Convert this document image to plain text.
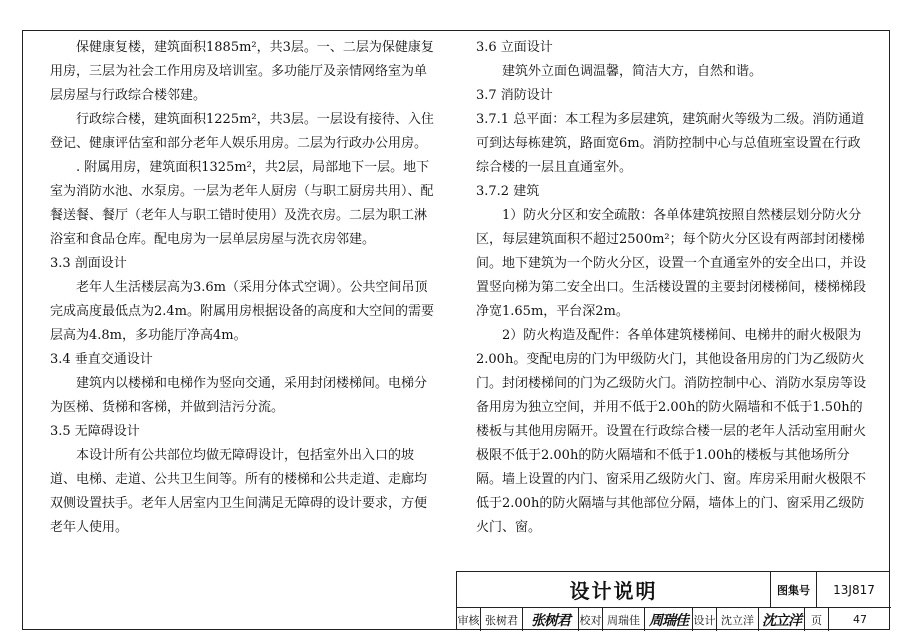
保健康复楼，建筑面积1885m²，共3层。一、二层为保健康复用房，三层为社会工作用房及培训室。多功能厅及亲情网络室为单层房屋与行政综合楼邻建。

行政综合楼，建筑面积1225m²，共3层。一层设有接待、入住登记、健康评估室和部分老年人娱乐用房。二层为行政办公用房。

. 附属用房，建筑面积1325m²，共2层，局部地下一层。地下室为消防水池、水泵房。一层为老年人厨房（与职工厨房共用）、配餐送餐、餐厅（老年人与职工错时使用）及洗衣房。二层为职工淋浴室和食品仓库。配电房为一层单层房屋与洗衣房邻建。

3.3 剖面设计

老年人生活楼层高为3.6m（采用分体式空调）。公共空间吊顶完成高度最低点为2.4m。附属用房根据设备的高度和大空间的需要层高为4.8m，多功能厅净高4m。

3.4 垂直交通设计

建筑内以楼梯和电梯作为竖向交通，采用封闭楼梯间。电梯分为医梯、货梯和客梯，并做到洁污分流。

3.5 无障碍设计

本设计所有公共部位均做无障碍设计，包括室外出入口的坡道、电梯、走道、公共卫生间等。所有的楼梯和公共走道、走廊均双侧设置扶手。老年人居室内卫生间满足无障碍的设计要求，方便老年人使用。

3.6 立面设计

建筑外立面色调温馨，简洁大方，自然和谐。

3.7 消防设计

3.7.1 总平面：本工程为多层建筑，建筑耐火等级为二级。消防通道可到达每栋建筑，路面宽6m。消防控制中心与总值班室设置在行政综合楼的一层且直通室外。

3.7.2 建筑

1）防火分区和安全疏散：各单体建筑按照自然楼层划分防火分区，每层建筑面积不超过2500m²；每个防火分区设有两部封闭楼梯间。地下建筑为一个防火分区，设置一个直通室外的安全出口，并设置竖向梯为第二安全出口。生活楼设置的主要封闭楼梯间，楼梯梯段净宽1.65m，平台深2m。

2）防火构造及配件：各单体建筑楼梯间、电梯井的耐火极限为2.00h。变配电房的门为甲级防火门，其他设备用房的门为乙级防火门。封闭楼梯间的门为乙级防火门。消防控制中心、消防水泵房等设备用房为独立空间，并用不低于2.00h的防火隔墙和不低于1.50h的楼板与其他用房隔开。设置在行政综合楼一层的老年人活动室用耐火极限不低于2.00h的防火隔墙和不低于1.00h的楼板与其他场所分隔。墙上设置的内门、窗采用乙级防火门、窗。库房采用耐火极限不低于2.00h的防火隔墙与其他部位分隔，墙体上的门、窗采用乙级防火门、窗。

设计说明	图集号	13J817
审核 张树君 张树君 校对 周瑞佳 周瑞佳 设计 沈立洋 沈立洋 页	47
